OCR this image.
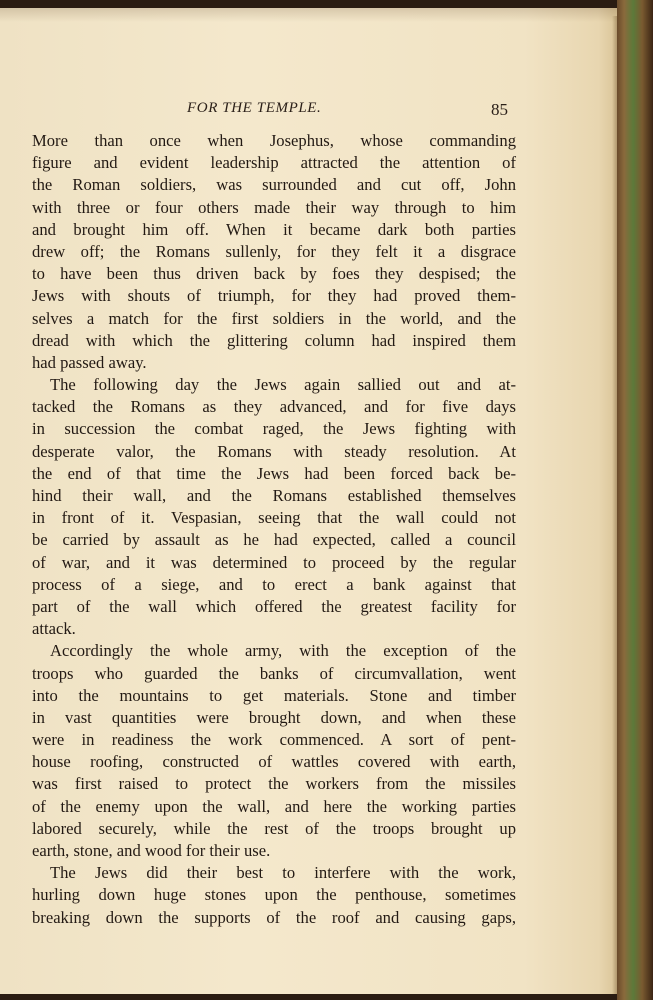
FOR THE TEMPLE.	85
More than once when Josephus, whose commanding
figure and evident leadership attracted the attention of
the Roman soldiers, was surrounded and cut off, John
with three or four others made their way through to him
and brought him off. When it became dark both parties
drew off; the Romans sullenly, for they felt it a disgrace
to have been thus driven back by foes they despised; the
Jews with shouts of triumph, for they had proved them-
selves a match for the first soldiers in the world, and the
dread with which the glittering column had inspired them
had passed away.
The following day the Jews again sallied out and at-
tacked the Romans as they advanced, and for five days
in succession the combat raged, the Jews fighting with
desperate valor, the Romans with steady resolution. At
the end of that time the Jews had been forced back be-
hind their wall, and the Romans established themselves
in front of it. Vespasian, seeing that the wall could not
be carried by assault as he had expected, called a council
of war, and it was determined to proceed by the regular
process of a siege, and to erect a bank against that
part of the wall which offered the greatest facility for
attack.
Accordingly the whole army, with the exception of the
troops who guarded the banks of circumvallation, went
into the mountains to get materials. Stone and timber
in vast quantities were brought down, and when these
were in readiness the work commenced. A sort of pent-
house roofing, constructed of wattles covered with earth,
was first raised to protect the workers from the missiles
of the enemy upon the wall, and here the working parties
labored securely, while the rest of the troops brought up
earth, stone, and wood for their use.
The Jews did their best to interfere with the work,
hurling down huge stones upon the penthouse, sometimes
breaking down the supports of the roof and causing gaps,
